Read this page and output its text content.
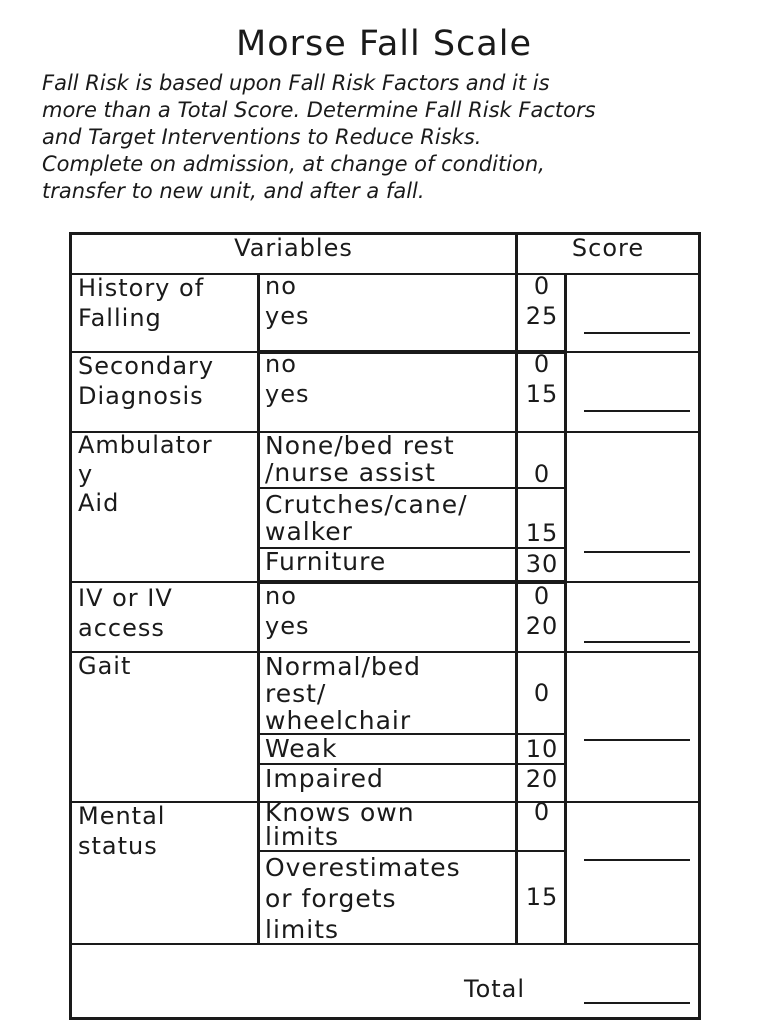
Morse Fall Scale
Fall Risk is based upon Fall Risk Factors and it is
more than a Total Score. Determine Fall Risk Factors
and Target Interventions to Reduce Risks.
Complete on admission, at change of condition,
transfer to new unit, and after a fall.
Variables	Score
History of
Falling
no
yes
0
25
Secondary
Diagnosis
no
yes
0
15
Ambulator
y
Aid
None/bed rest
/nurse assist
Crutches/cane/
walker
Furniture
0
15
30
IV or IV
access
no
yes
0
20
Gait	Normal/bed
rest/
wheelchair
Weak
Impaired
0
10
20
Mental
status
Knows own
limits
Overestimates
or forgets
limits
0
15
Total
